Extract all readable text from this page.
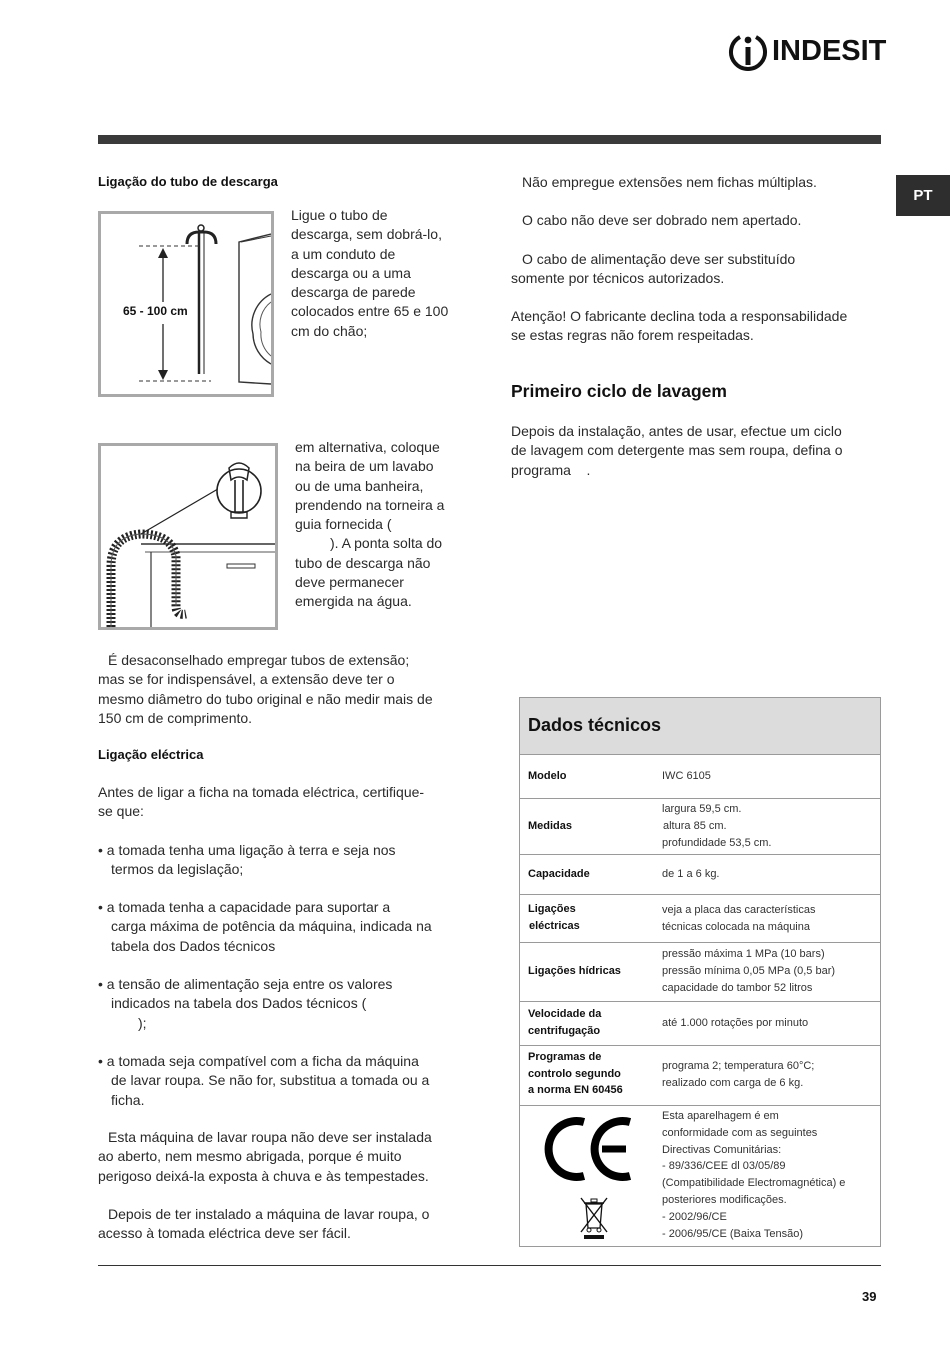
INDESIT
PT
Ligação do tubo de descarga
65 - 100 cm
Ligue o tubo de
descarga, sem dobrá-lo,
a um conduto de
descarga ou a uma
descarga de parede
colocados entre 65 e 100
cm do chão;
em alternativa, coloque
na beira de um lavabo
ou de uma banheira,
prendendo na torneira a
guia fornecida (
). A ponta solta do
tubo de descarga não
deve permanecer
emergida na água.
É desaconselhado empregar tubos de extensão;
mas se for indispensável, a extensão deve ter o
mesmo diâmetro do tubo original e não medir mais de
150 cm de comprimento.
Ligação eléctrica
Antes de ligar a ficha na tomada eléctrica, certifique-
se que:
• a tomada tenha uma ligação à terra e seja nos
termos da legislação;
• a tomada tenha a capacidade para suportar a
carga máxima de potência da máquina, indicada na
tabela dos Dados técnicos
• a tensão de alimentação seja entre os valores
indicados na tabela dos Dados técnicos (
);
• a tomada seja compatível com a ficha da máquina
de lavar roupa. Se não for, substitua a tomada ou a
ficha.
Esta máquina de lavar roupa não deve ser instalada
ao aberto, nem mesmo abrigada, porque é muito
perigoso deixá-la exposta à chuva e às tempestades.
Depois de ter instalado a máquina de lavar roupa, o
acesso à tomada eléctrica deve ser fácil.
Não empregue extensões nem fichas múltiplas.
O cabo não deve ser dobrado nem apertado.
O cabo de alimentação deve ser substituído
somente por técnicos autorizados.
Atenção! O fabricante declina toda a responsabilidade
se estas regras não forem respeitadas.
Primeiro ciclo de lavagem
Depois da instalação, antes de usar, efectue um ciclo
de lavagem com detergente mas sem roupa, defina o
programa    .
Dados técnicos
Modelo	IWC 6105
Medidas
largura 59,5 cm.
altura 85 cm.
profundidade 53,5 cm.
Capacidade	de 1 a 6 kg.
Ligações
eléctricas
veja a placa das características
técnicas colocada na máquina
Ligações hídricas
pressão máxima 1 MPa (10 bars)
pressão mínima 0,05 MPa (0,5 bar)
capacidade do tambor 52 litros
Velocidade da
centrifugação
até 1.000 rotações por minuto
Programas de
controlo segundo
a norma EN 60456
programa 2; temperatura 60°C;
realizado com carga de 6 kg.
Esta aparelhagem é em
conformidade com as seguintes
Directivas Comunitárias:
- 89/336/CEE dl 03/05/89
(Compatibilidade Electromagnética) e
posteriores modificações.
- 2002/96/CE
- 2006/95/CE (Baixa Tensão)
39
